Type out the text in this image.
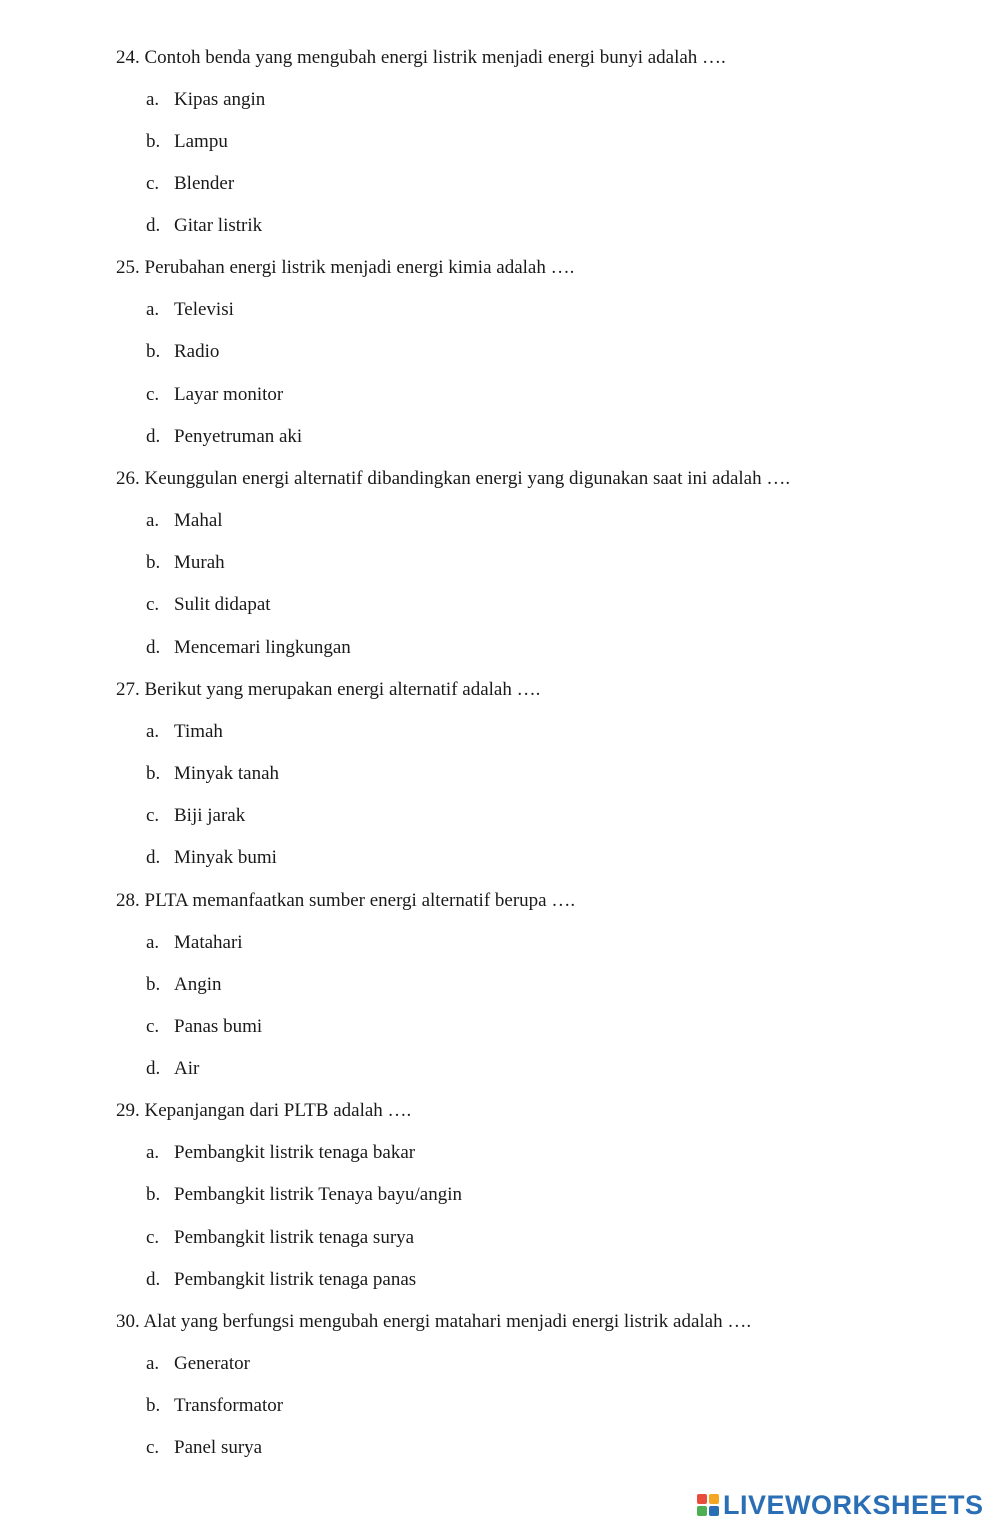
24. Contoh benda yang mengubah energi listrik menjadi energi bunyi adalah ….
a. Kipas angin
b. Lampu
c. Blender
d. Gitar listrik
25. Perubahan energi listrik menjadi energi kimia adalah ….
a. Televisi
b. Radio
c. Layar monitor
d. Penyetruman aki
26. Keunggulan energi alternatif dibandingkan energi yang digunakan saat ini adalah ….
a. Mahal
b. Murah
c. Sulit didapat
d. Mencemari lingkungan
27. Berikut yang merupakan energi alternatif adalah ….
a. Timah
b. Minyak tanah
c. Biji jarak
d. Minyak bumi
28. PLTA memanfaatkan sumber energi alternatif berupa ….
a. Matahari
b. Angin
c. Panas bumi
d. Air
29. Kepanjangan dari PLTB adalah ….
a. Pembangkit listrik tenaga bakar
b. Pembangkit listrik Tenaya bayu/angin
c. Pembangkit listrik tenaga surya
d. Pembangkit listrik tenaga panas
30. Alat yang berfungsi mengubah energi matahari menjadi energi listrik adalah ….
a. Generator
b. Transformator
c. Panel surya
LIVEWORKSHEETS
